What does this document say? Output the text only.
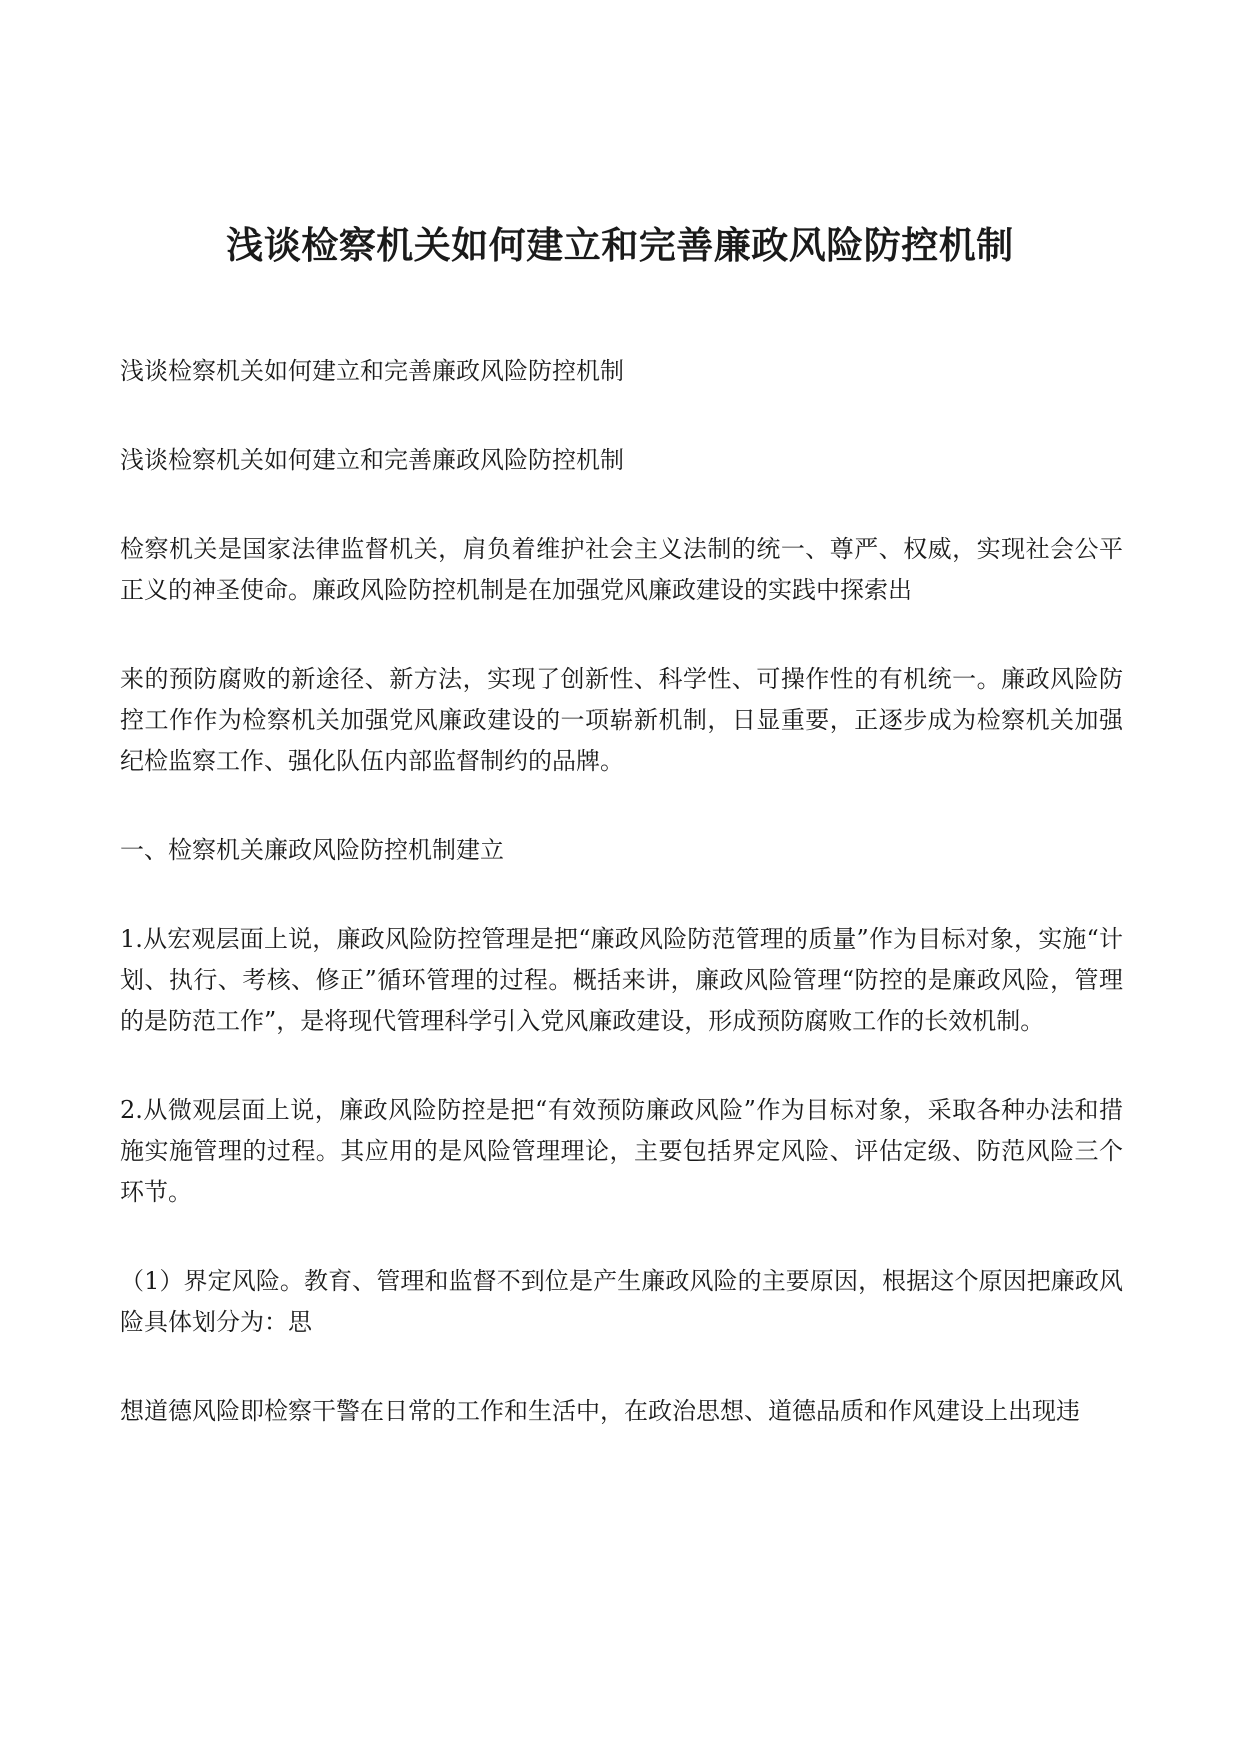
浅谈检察机关如何建立和完善廉政风险防控机制

浅谈检察机关如何建立和完善廉政风险防控机制

浅谈检察机关如何建立和完善廉政风险防控机制

检察机关是国家法律监督机关，肩负着维护社会主义法制的统一、尊严、权威，实现社会公平正义的神圣使命。廉政风险防控机制是在加强党风廉政建设的实践中探索出

来的预防腐败的新途径、新方法，实现了创新性、科学性、可操作性的有机统一。廉政风险防控工作作为检察机关加强党风廉政建设的一项崭新机制，日显重要，正逐步成为检察机关加强纪检监察工作、强化队伍内部监督制约的品牌。

一、检察机关廉政风险防控机制建立

1.从宏观层面上说，廉政风险防控管理是把“廉政风险防范管理的质量”作为目标对象，实施“计划、执行、考核、修正”循环管理的过程。概括来讲，廉政风险管理“防控的是廉政风险，管理的是防范工作”，是将现代管理科学引入党风廉政建设，形成预防腐败工作的长效机制。

2.从微观层面上说，廉政风险防控是把“有效预防廉政风险”作为目标对象，采取各种办法和措施实施管理的过程。其应用的是风险管理理论，主要包括界定风险、评估定级、防范风险三个环节。

（1）界定风险。教育、管理和监督不到位是产生廉政风险的主要原因，根据这个原因把廉政风险具体划分为：思

想道德风险即检察干警在日常的工作和生活中，在政治思想、道德品质和作风建设上出现违
